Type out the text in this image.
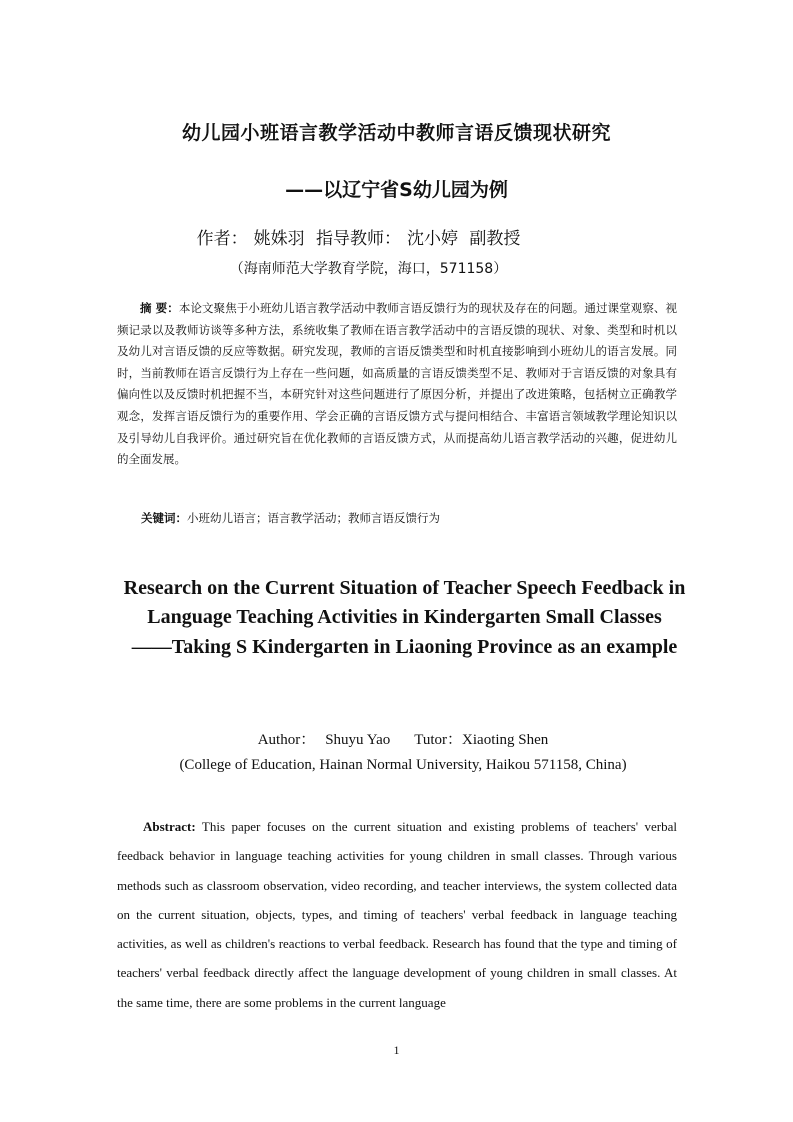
幼儿园小班语言教学活动中教师言语反馈现状研究
——以辽宁省S幼儿园为例
作者： 姚姝羽 指导教师： 沈小婷 副教授
（海南师范大学教育学院，海口，571158）
摘 要：本论文聚焦于小班幼儿语言教学活动中教师言语反馈行为的现状及存在的问题。通过课堂观察、视频记录以及教师访谈等多种方法，系统收集了教师在语言教学活动中的言语反馈的现状、对象、类型和时机以及幼儿对言语反馈的反应等数据。研究发现，教师的言语反馈类型和时机直接影响到小班幼儿的语言发展。同时，当前教师在语言反馈行为上存在一些问题，如高质量的言语反馈类型不足、教师对于言语反馈的对象具有偏向性以及反馈时机把握不当，本研究针对这些问题进行了原因分析，并提出了改进策略，包括树立正确教学观念，发挥言语反馈行为的重要作用、学会正确的言语反馈方式与提问相结合、丰富语言领域教学理论知识以及引导幼儿自我评价。通过研究旨在优化教师的言语反馈方式，从而提高幼儿语言教学活动的兴趣，促进幼儿的全面发展。
关键词：小班幼儿语言；语言教学活动；教师言语反馈行为
Research on the Current Situation of Teacher Speech Feedback in Language Teaching Activities in Kindergarten Small Classes
——Taking S Kindergarten in Liaoning Province as an example
Author： Shuyu Yao Tutor：Xiaoting Shen
(College of Education, Hainan Normal University, Haikou 571158, China)
Abstract: This paper focuses on the current situation and existing problems of teachers' verbal feedback behavior in language teaching activities for young children in small classes. Through various methods such as classroom observation, video recording, and teacher interviews, the system collected data on the current situation, objects, types, and timing of teachers' verbal feedback in language teaching activities, as well as children's reactions to verbal feedback. Research has found that the type and timing of teachers' verbal feedback directly affect the language development of young children in small classes. At the same time, there are some problems in the current language
1
